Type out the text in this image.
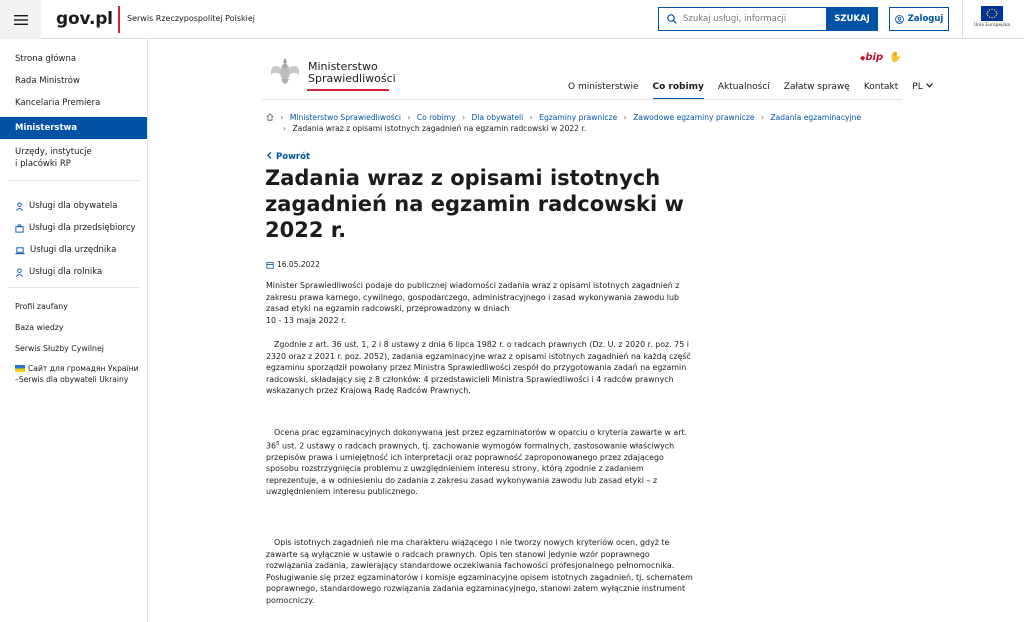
gov.pl Serwis Rzeczypospolitej Polskiej
Szukaj usługi, informacji	SZUKAJ	Zaloguj
Unia Europejska
Strona główna
Rada Ministrów
Kancelaria Premiera
Ministerstwa
Urzędy, instytucje
i placówki RP
Usługi dla obywatela
Usługi dla przedsiębiorcy
Usługi dla urzędnika
Usługi dla rolnika
Profil zaufany
Baza wiedzy
Serwis Służby Cywilnej
Сайт для громадян України
–Serwis dla obywateli Ukrainy
Ministerstwo
Sprawiedliwości
◆bip ✋
O ministerstwie Co robimy Aktualności Załatw sprawę Kontakt PL
› Ministerstwo Sprawiedliwości › Co robimy › Dla obywateli › Egzaminy prawnicze › Zawodowe egzaminy prawnicze › Zadania egzaminacyjne
› Zadania wraz z opisami istotnych zagadnień na egzamin radcowski w 2022 r.
Powrót
Zadania wraz z opisami istotnych zagadnień na egzamin radcowski w 2022 r.
16.05.2022
Minister Sprawiedliwości podaje do publicznej wiadomości zadania wraz z opisami istotnych zagadnień z zakresu prawa karnego, cywilnego, gospodarczego, administracyjnego i zasad wykonywania zawodu lub zasad etyki na egzamin radcowski, przeprowadzony w dniach
10 - 13 maja 2022 r.

Zgodnie z art. 36 ust. 1, 2 i 8 ustawy z dnia 6 lipca 1982 r. o radcach prawnych (Dz. U. z 2020 r. poz. 75 i 2320 oraz z 2021 r. poz. 2052), zadania egzaminacyjne wraz z opisami istotnych zagadnień na każdą część egzaminu sporządził powołany przez Ministra Sprawiedliwości zespół do przygotowania zadań na egzamin radcowski, składający się z 8 członków: 4 przedstawicieli Ministra Sprawiedliwości i 4 radców prawnych wskazanych przez Krajową Radę Radców Prawnych.

Ocena prac egzaminacyjnych dokonywana jest przez egzaminatorów w oparciu o kryteria zawarte w art. $36^5$ ust. 2 ustawy o radcach prawnych, tj. zachowanie wymogów formalnych, zastosowanie właściwych przepisów prawa i umiejętność ich interpretacji oraz poprawność zaproponowanego przez zdającego sposobu rozstrzygnięcia problemu z uwzględnieniem interesu strony, którą zgodnie z zadaniem reprezentuje, a w odniesieniu do zadania z zakresu zasad wykonywania zawodu lub zasad etyki – z uwzględnieniem interesu publicznego.

Opis istotnych zagadnień nie ma charakteru wiążącego i nie tworzy nowych kryteriów ocen, gdyż te zawarte są wyłącznie w ustawie o radcach prawnych. Opis ten stanowi jedynie wzór poprawnego rozwiązania zadania, zawierający standardowe oczekiwania fachowości profesjonalnego pełnomocnika. Posługiwanie się przez egzaminatorów i komisje egzaminacyjne opisem istotnych zagadnień, tj. schematem poprawnego, standardowego rozwiązania zadania egzaminacyjnego, stanowi zatem wyłącznie instrument pomocniczy.
